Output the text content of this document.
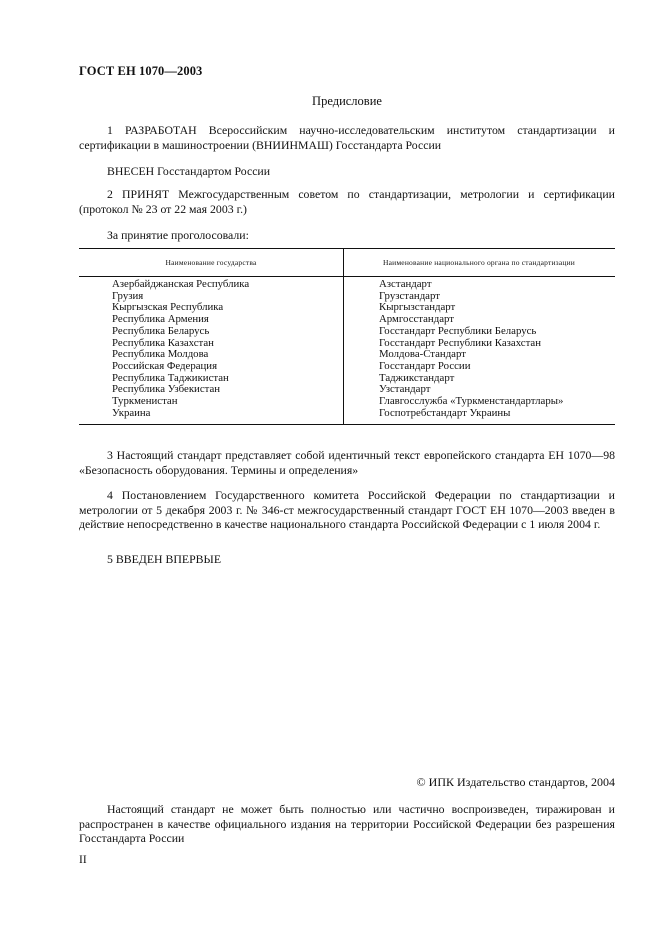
ГОСТ ЕН 1070—2003
Предисловие
1 РАЗРАБОТАН Всероссийским научно-исследовательским институтом стандартизации и сертификации в машиностроении (ВНИИНМАШ) Госстандарта России
ВНЕСЕН Госстандартом России
2 ПРИНЯТ Межгосударственным советом по стандартизации, метрологии и сертификации (протокол № 23 от 22 мая 2003 г.)
За принятие проголосовали:
Наименование государства	Наименование национального органа по стандартизации
Азербайджанская Республика
Грузия
Кыргызская Республика
Республика Армения
Республика Беларусь
Республика Казахстан
Республика Молдова
Российская Федерация
Республика Таджикистан
Республика Узбекистан
Туркменистан
Украина
Азстандарт
Грузстандарт
Кыргызстандарт
Армгосстандарт
Госстандарт Республики Беларусь
Госстандарт Республики Казахстан
Молдова-Стандарт
Госстандарт России
Таджикстандарт
Узстандарт
Главгосслужба «Туркменстандартлары»
Госпотребстандарт Украины
3 Настоящий стандарт представляет собой идентичный текст европейского стандарта ЕН 1070—98 «Безопасность оборудования. Термины и определения»
4 Постановлением Государственного комитета Российской Федерации по стандартизации и метрологии от 5 декабря 2003 г. № 346-ст межгосударственный стандарт ГОСТ ЕН 1070—2003 введен в действие непосредственно в качестве национального стандарта Российской Федерации с 1 июля 2004 г.
5 ВВЕДЕН ВПЕРВЫЕ
© ИПК Издательство стандартов, 2004
Настоящий стандарт не может быть полностью или частично воспроизведен, тиражирован и распространен в качестве официального издания на территории Российской Федерации без разрешения Госстандарта России
II
